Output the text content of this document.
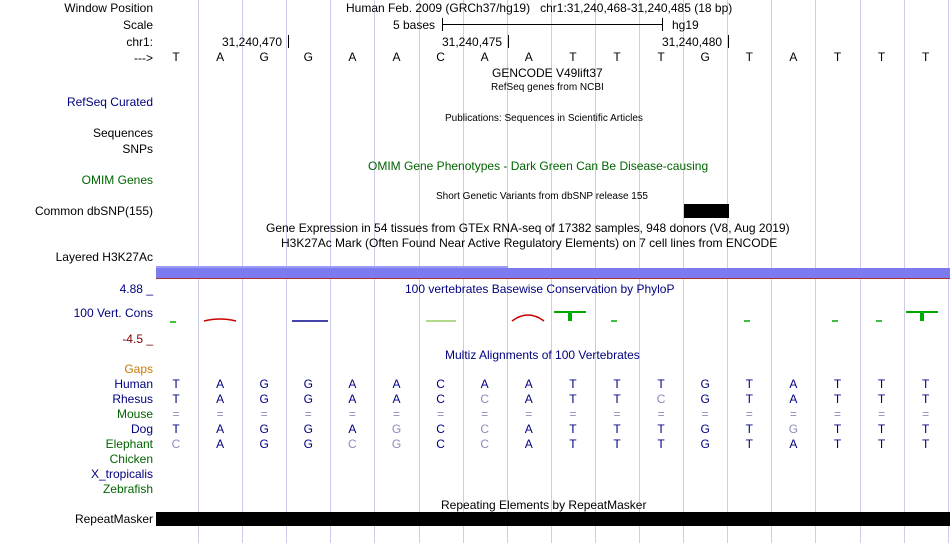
Window Position	Human Feb. 2009 (GRCh37/hg19)   chr1:31,240,468-31,240,485 (18 bp)
Scale	5 bases	hg19
chr1:	31,240,470	31,240,475	31,240,480
--->	T	A	G	G	A	A	C	A	A	T	T	T	G	T	A	T	T	T
GENCODE V49lift37
RefSeq genes from NCBI
RefSeq Curated
Publications: Sequences in Scientific Articles
Sequences
SNPs
OMIM Gene Phenotypes - Dark Green Can Be Disease-causing
OMIM Genes
Short Genetic Variants from dbSNP release 155
Common dbSNP(155)
Gene Expression in 54 tissues from GTEx RNA-seq of 17382 samples, 948 donors (V8, Aug 2019)
H3K27Ac Mark (Often Found Near Active Regulatory Elements) on 7 cell lines from ENCODE
Layered H3K27Ac
4.88 _	100 vertebrates Basewise Conservation by PhyloP
100 Vert. Cons
-4.5 _
Multiz Alignments of 100 Vertebrates
Gaps
Human	T	A	G	G	A	A	C	A	A	T	T	T	G	T	A	T	T	T
Rhesus	T	A	G	G	A	A	C	C	A	T	T	C	G	T	A	T	T	T
Mouse	=	=	=	=	=	=	=	=	=	=	=	=	=	=	=	=	=	=
Dog	T	A	G	G	A	G	C	C	A	T	T	T	G	T	G	T	T	T
Elephant	C	A	G	G	C	G	C	C	A	T	T	T	G	T	A	T	T	T
Chicken
X_tropicalis
Zebrafish
Repeating Elements by RepeatMasker
RepeatMasker
